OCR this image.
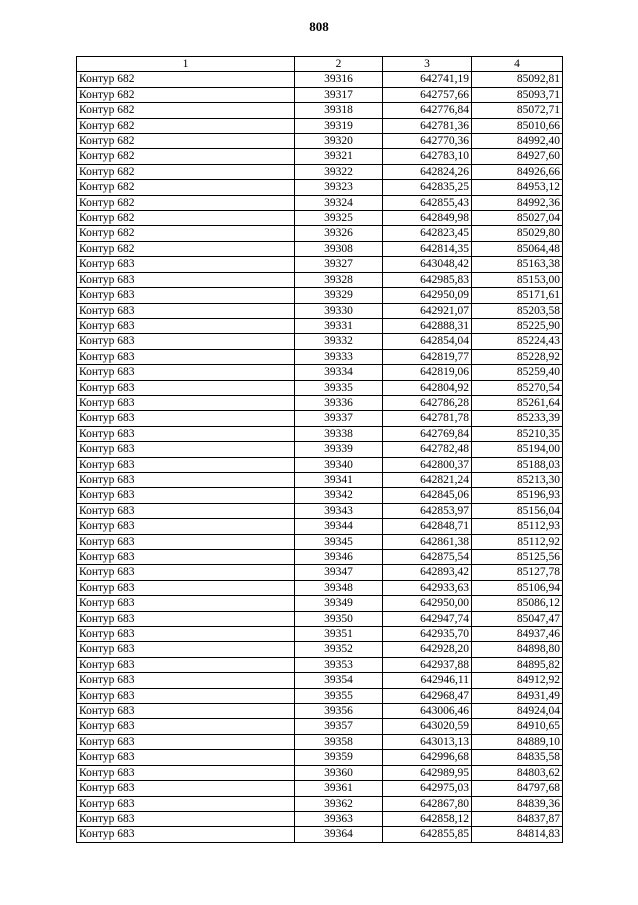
808
1	2	3	4
Контур 682	39316	642741,19	85092,81
Контур 682	39317	642757,66	85093,71
Контур 682	39318	642776,84	85072,71
Контур 682	39319	642781,36	85010,66
Контур 682	39320	642770,36	84992,40
Контур 682	39321	642783,10	84927,60
Контур 682	39322	642824,26	84926,66
Контур 682	39323	642835,25	84953,12
Контур 682	39324	642855,43	84992,36
Контур 682	39325	642849,98	85027,04
Контур 682	39326	642823,45	85029,80
Контур 682	39308	642814,35	85064,48
Контур 683	39327	643048,42	85163,38
Контур 683	39328	642985,83	85153,00
Контур 683	39329	642950,09	85171,61
Контур 683	39330	642921,07	85203,58
Контур 683	39331	642888,31	85225,90
Контур 683	39332	642854,04	85224,43
Контур 683	39333	642819,77	85228,92
Контур 683	39334	642819,06	85259,40
Контур 683	39335	642804,92	85270,54
Контур 683	39336	642786,28	85261,64
Контур 683	39337	642781,78	85233,39
Контур 683	39338	642769,84	85210,35
Контур 683	39339	642782,48	85194,00
Контур 683	39340	642800,37	85188,03
Контур 683	39341	642821,24	85213,30
Контур 683	39342	642845,06	85196,93
Контур 683	39343	642853,97	85156,04
Контур 683	39344	642848,71	85112,93
Контур 683	39345	642861,38	85112,92
Контур 683	39346	642875,54	85125,56
Контур 683	39347	642893,42	85127,78
Контур 683	39348	642933,63	85106,94
Контур 683	39349	642950,00	85086,12
Контур 683	39350	642947,74	85047,47
Контур 683	39351	642935,70	84937,46
Контур 683	39352	642928,20	84898,80
Контур 683	39353	642937,88	84895,82
Контур 683	39354	642946,11	84912,92
Контур 683	39355	642968,47	84931,49
Контур 683	39356	643006,46	84924,04
Контур 683	39357	643020,59	84910,65
Контур 683	39358	643013,13	84889,10
Контур 683	39359	642996,68	84835,58
Контур 683	39360	642989,95	84803,62
Контур 683	39361	642975,03	84797,68
Контур 683	39362	642867,80	84839,36
Контур 683	39363	642858,12	84837,87
Контур 683	39364	642855,85	84814,83
